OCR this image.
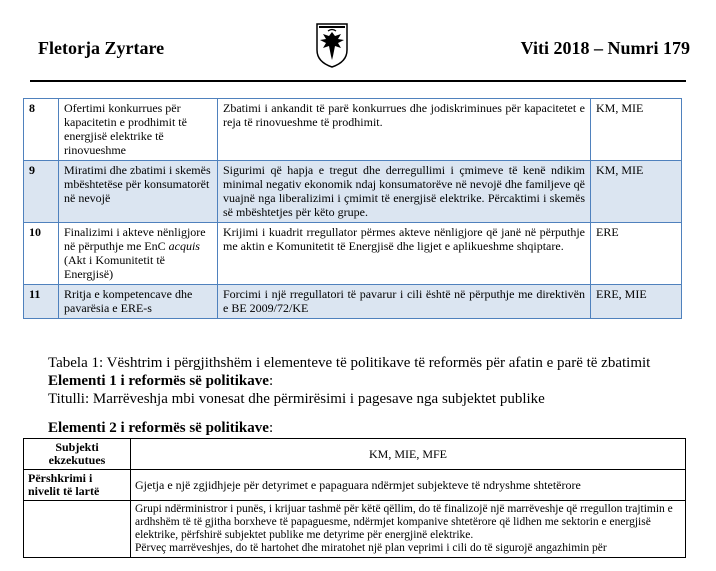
Fletorja Zyrtare	Viti 2018 – Numri 179
8	Ofertimi konkurrues për kapacitetin e prodhimit të energjisë elektrike të rinovueshme	Zbatimi i ankandit të parë konkurrues dhe jodiskriminues për kapacitetet e reja të rinovueshme të prodhimit.	KM, MIE
9	Miratimi dhe zbatimi i skemës mbështetëse për konsumatorët në nevojë	Sigurimi që hapja e tregut dhe derregullimi i çmimeve të kenë ndikim minimal negativ ekonomik ndaj konsumatorëve në nevojë dhe familjeve që vuajnë nga liberalizimi i çmimit të energjisë elektrike. Përcaktimi i skemës së mbështetjes për këto grupe.	KM, MIE
10	Finalizimi i akteve nënligjore në përputhje me EnC acquis (Akt i Komunitetit të Energjisë)	Krijimi i kuadrit rregullator përmes akteve nënligjore që janë në përputhje me aktin e Komunitetit të Energjisë dhe ligjet e aplikueshme shqiptare.	ERE
11	Rritja e kompetencave dhe pavarësia e ERE-s	Forcimi i një rregullatori të pavarur i cili është në përputhje me direktivën e BE 2009/72/KE	ERE, MIE
Tabela 1: Vështrim i përgjithshëm i elementeve të politikave të reformës për afatin e parë të zbatimit
Elementi 1 i reformës së politikave:
Titulli: Marrëveshja mbi vonesat dhe përmirësimi i pagesave nga subjektet publike
Elementi 2 i reformës së politikave:
Subjekti ekzekutues	KM, MIE, MFE
Përshkrimi i nivelit të lartë	Gjetja e një zgjidhjeje për detyrimet e papaguara ndërmjet subjekteve të ndryshme shtetërore

	Grupi ndërministror i punës, i krijuar tashmë për këtë qëllim, do të finalizojë një marrëveshje që rregullon trajtimin e ardhshëm të të gjitha borxheve të papaguesme, ndërmjet kompanive shtetërore që lidhen me sektorin e energjisë elektrike, përfshirë subjektet publike me detyrime për energjinë elektrike.
Përveç marrëveshjes, do të hartohet dhe miratohet një plan veprimi i cili do të sigurojë angazhimin për
